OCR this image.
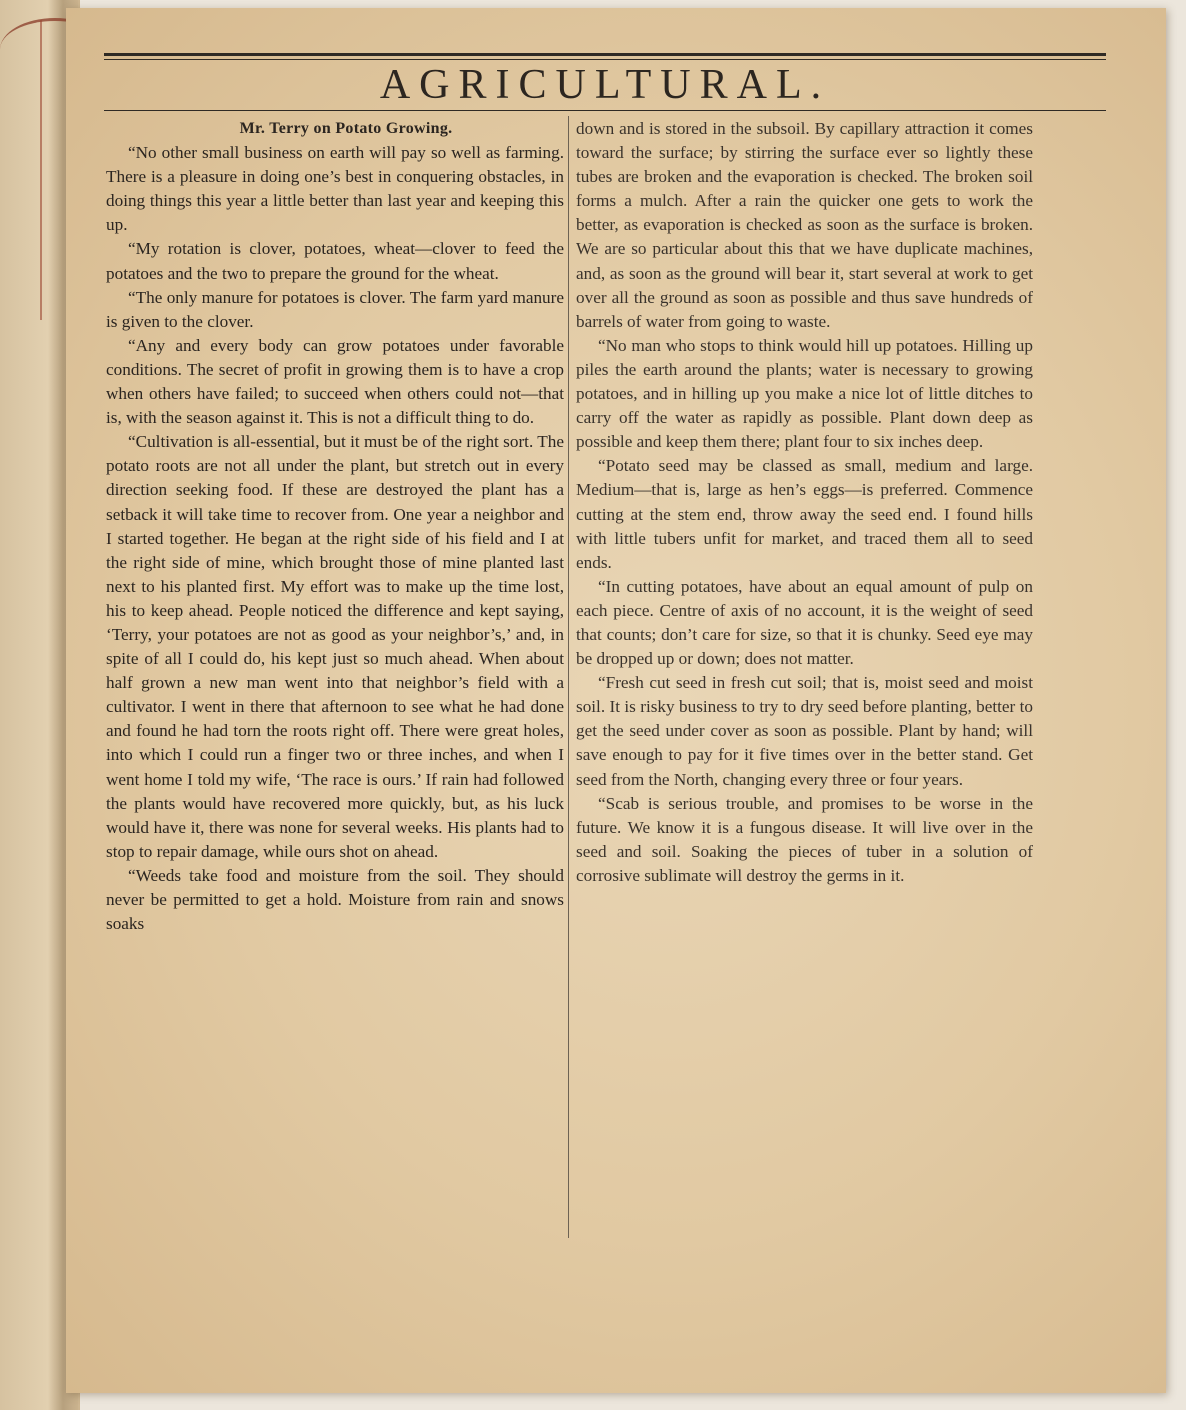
AGRICULTURAL.

Mr. Terry on Potato Growing.

“No other small business on earth will pay so well as farming. There is a pleasure in doing one’s best in conquering obstacles, in doing things this year a little better than last year and keeping this up.

“My rotation is clover, potatoes, wheat—clover to feed the potatoes and the two to prepare the ground for the wheat.

“The only manure for potatoes is clover. The farm yard manure is given to the clover.

“Any and every body can grow potatoes under favorable conditions. The secret of profit in growing them is to have a crop when others have failed; to succeed when others could not—that is, with the season against it. This is not a difficult thing to do.

“Cultivation is all-essential, but it must be of the right sort. The potato roots are not all under the plant, but stretch out in every direction seeking food. If these are destroyed the plant has a setback it will take time to recover from. One year a neighbor and I started together. He began at the right side of his field and I at the right side of mine, which brought those of mine planted last next to his planted first. My effort was to make up the time lost, his to keep ahead. People noticed the difference and kept saying, ‘Terry, your potatoes are not as good as your neighbor’s,’ and, in spite of all I could do, his kept just so much ahead. When about half grown a new man went into that neighbor’s field with a cultivator. I went in there that afternoon to see what he had done and found he had torn the roots right off. There were great holes, into which I could run a finger two or three inches, and when I went home I told my wife, ‘The race is ours.’ If rain had followed the plants would have recovered more quickly, but, as his luck would have it, there was none for several weeks. His plants had to stop to repair damage, while ours shot on ahead.

“Weeds take food and moisture from the soil. They should never be permitted to get a hold. Moisture from rain and snows soaks

down and is stored in the subsoil. By capillary attraction it comes toward the surface; by stirring the surface ever so lightly these tubes are broken and the evaporation is checked. The broken soil forms a mulch. After a rain the quicker one gets to work the better, as evaporation is checked as soon as the surface is broken. We are so particular about this that we have duplicate machines, and, as soon as the ground will bear it, start several at work to get over all the ground as soon as possible and thus save hundreds of barrels of water from going to waste.

“No man who stops to think would hill up potatoes. Hilling up piles the earth around the plants; water is necessary to growing potatoes, and in hilling up you make a nice lot of little ditches to carry off the water as rapidly as possible. Plant down deep as possible and keep them there; plant four to six inches deep.

“Potato seed may be classed as small, medium and large. Medium—that is, large as hen’s eggs—is preferred. Commence cutting at the stem end, throw away the seed end. I found hills with little tubers unfit for market, and traced them all to seed ends.

“In cutting potatoes, have about an equal amount of pulp on each piece. Centre of axis of no account, it is the weight of seed that counts; don’t care for size, so that it is chunky. Seed eye may be dropped up or down; does not matter.

“Fresh cut seed in fresh cut soil; that is, moist seed and moist soil. It is risky business to try to dry seed before planting, better to get the seed under cover as soon as possible. Plant by hand; will save enough to pay for it five times over in the better stand. Get seed from the North, changing every three or four years.

“Scab is serious trouble, and promises to be worse in the future. We know it is a fungous disease. It will live over in the seed and soil. Soaking the pieces of tuber in a solution of corrosive sublimate will destroy the germs in it.
